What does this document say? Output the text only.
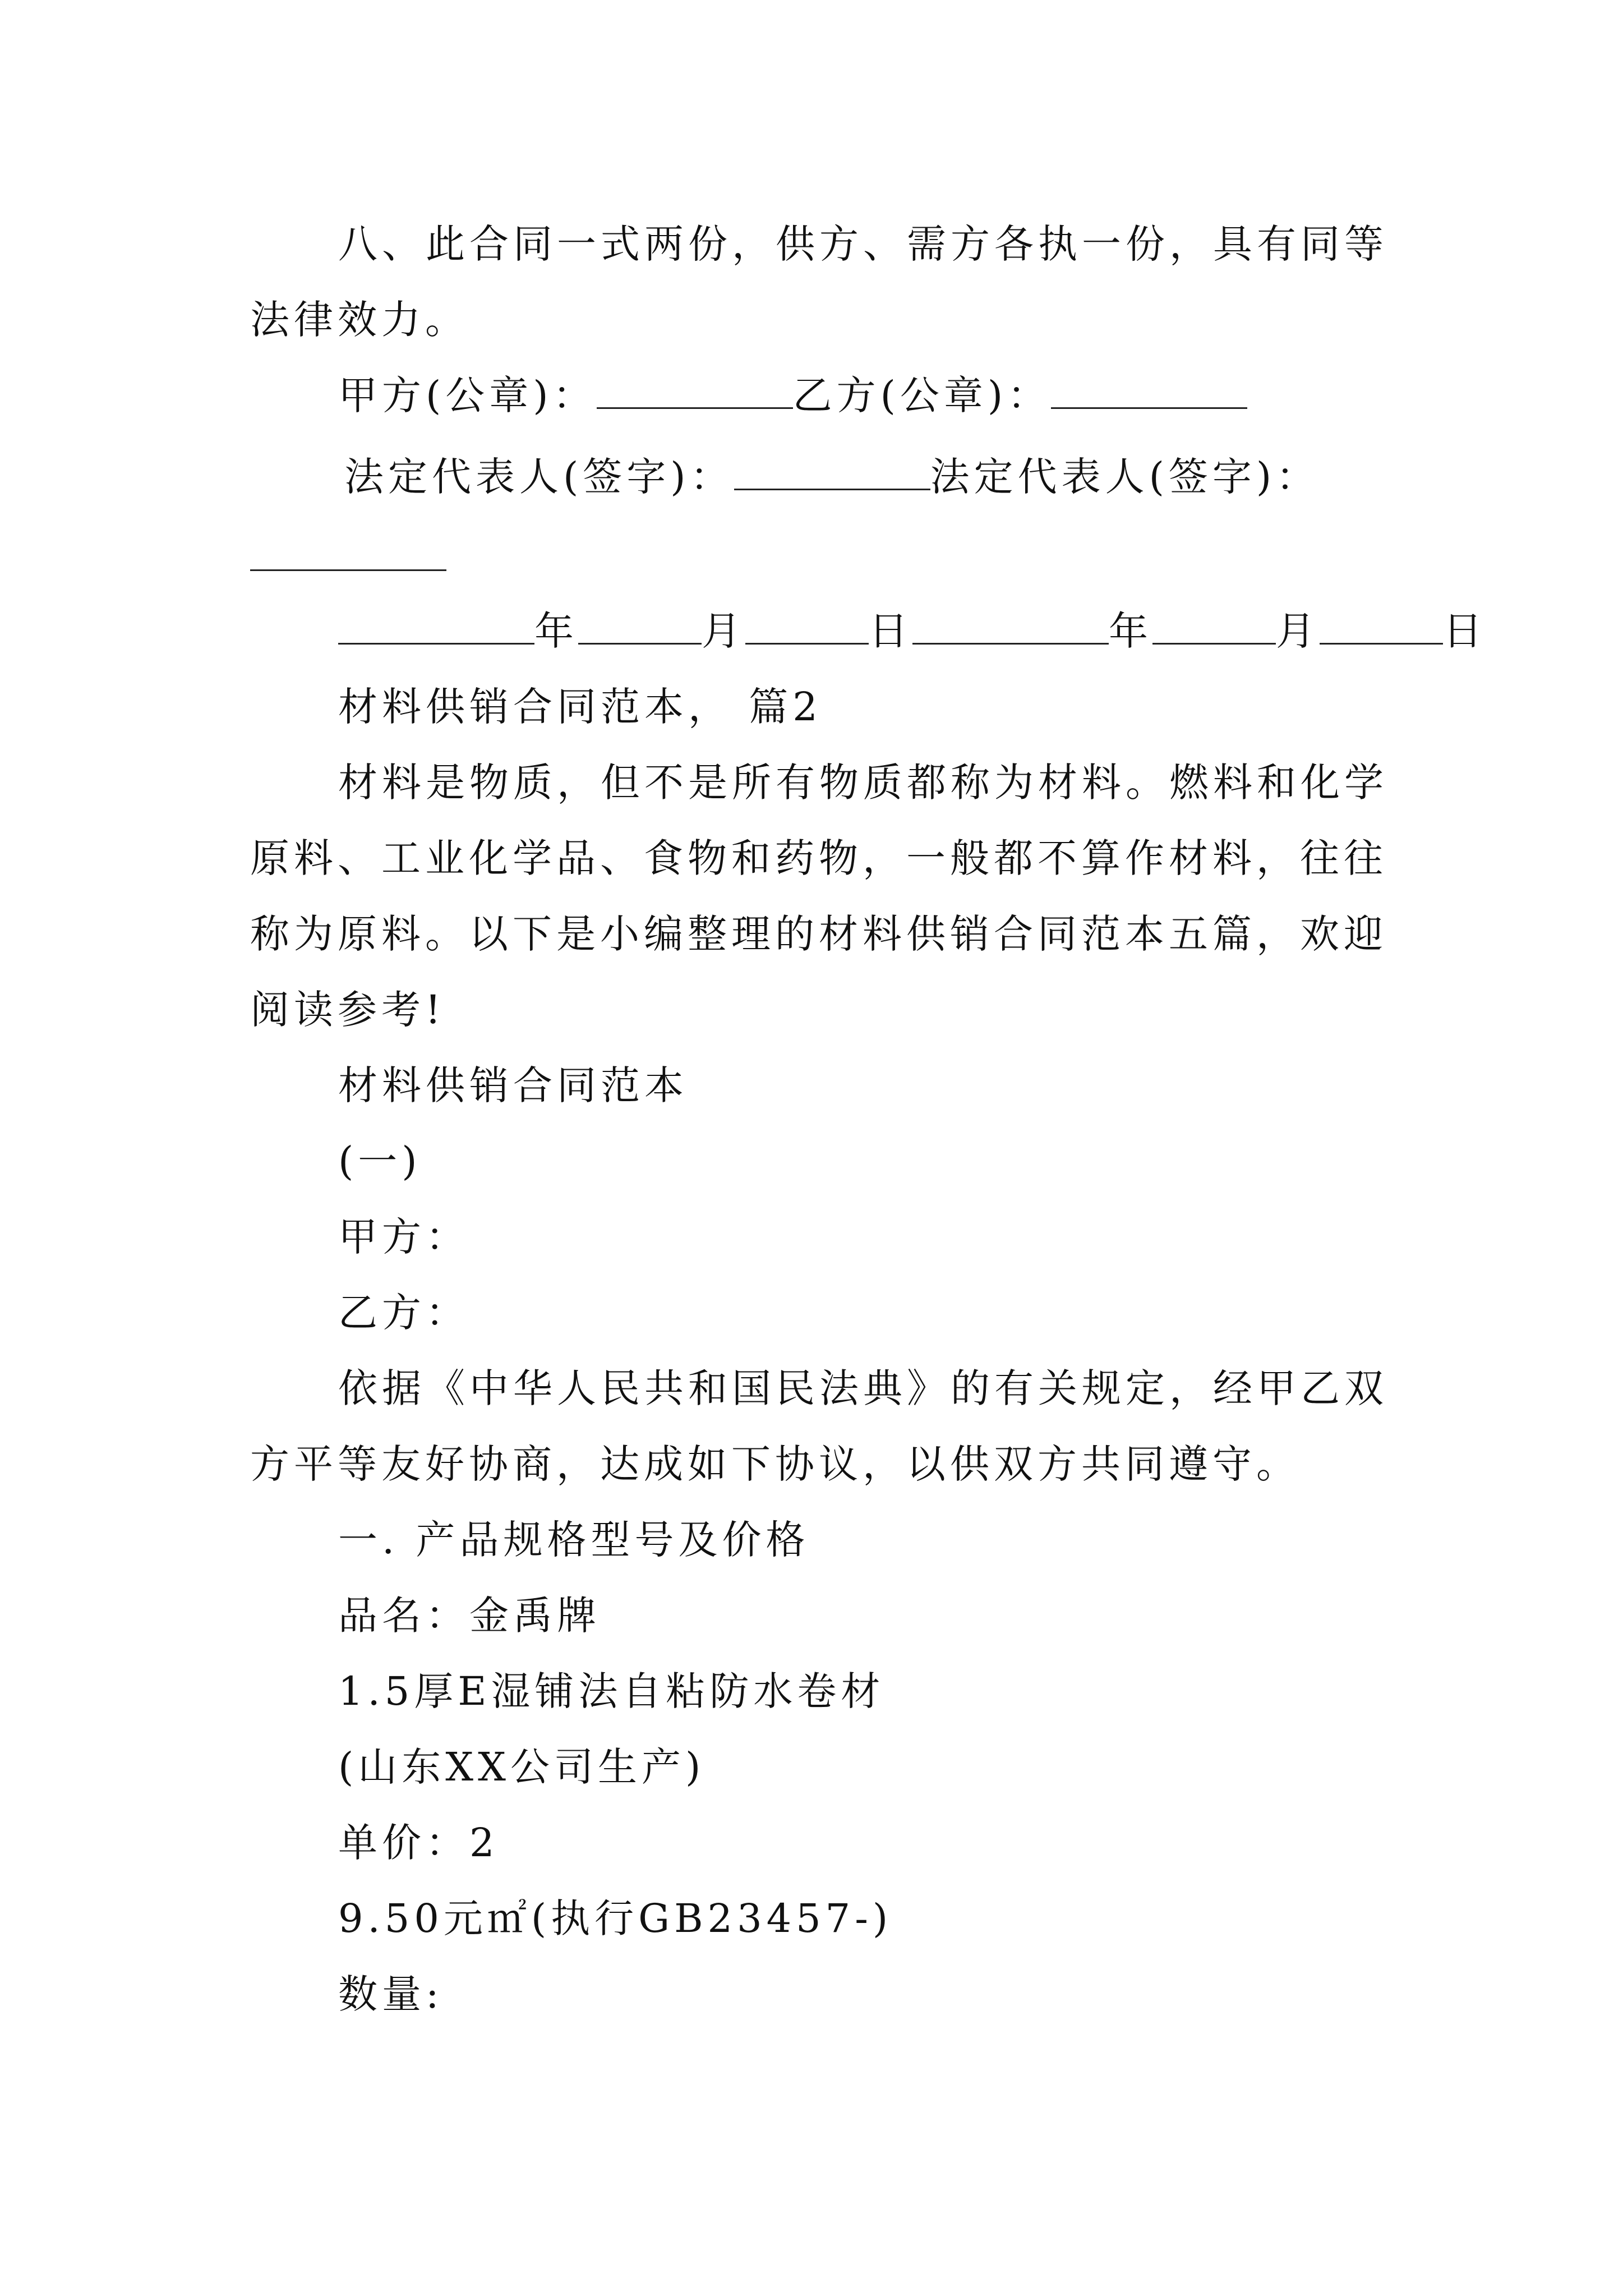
八、此合同一式两份，供方、需方各执一份，具有同等
法律效力。
甲方(公章)：	乙方(公章)：
法定代表人(签字)：	法定代表人(签字)：
年	月	日	年	月	日
材料供销合同范本， 篇2
材料是物质，但不是所有物质都称为材料。燃料和化学
原料、工业化学品、食物和药物，一般都不算作材料，往往
称为原料。以下是小编整理的材料供销合同范本五篇，欢迎
阅读参考!
材料供销合同范本
(一)
甲方：
乙方：
依据《中华人民共和国民法典》的有关规定，经甲乙双
方平等友好协商，达成如下协议，以供双方共同遵守。
一. 产品规格型号及价格
品名：金禹牌
1.5厚E湿铺法自粘防水卷材
(山东XX公司生产)
单价：2
9.50元㎡(执行GB23457-)
数量:
